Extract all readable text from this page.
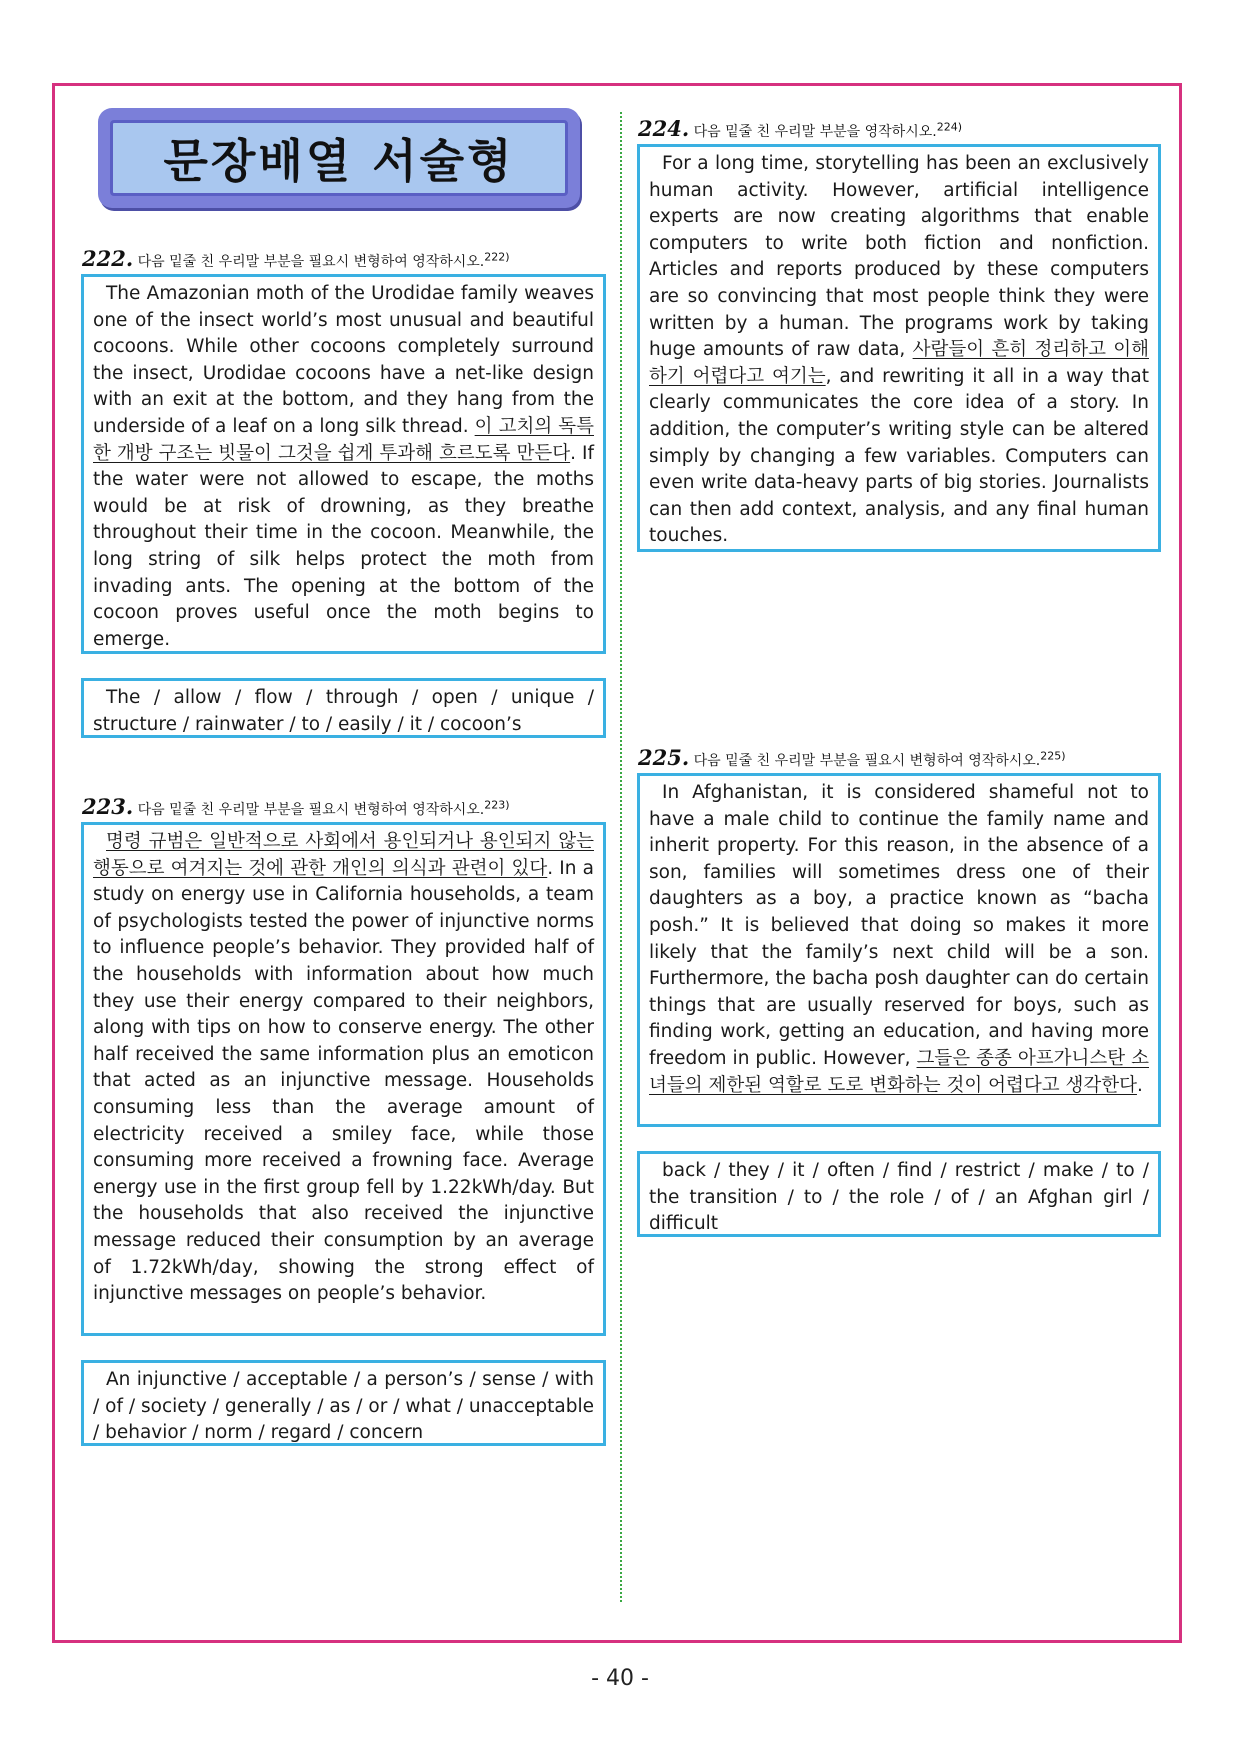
문장배열 서술형
222. 다음 밑줄 친 우리말 부분을 필요시 변형하여 영작하시오.$^{222)}$
The Amazonian moth of the Urodidae family weaves one of the insect world’s most unusual and beautiful cocoons. While other cocoons completely surround the insect, Urodidae cocoons have a net-like design with an exit at the bottom, and they hang from the underside of a leaf on a long silk thread. 이 고치의 독특한 개방 구조는 빗물이 그것을 쉽게 투과해 흐르도록 만든다. If the water were not allowed to escape, the moths would be at risk of drowning, as they breathe throughout their time in the cocoon. Meanwhile, the long string of silk helps protect the moth from invading ants. The opening at the bottom of the cocoon proves useful once the moth begins to emerge.
The / allow / flow / through / open / unique / structure / rainwater / to / easily / it / cocoon’s
223. 다음 밑줄 친 우리말 부분을 필요시 변형하여 영작하시오.$^{223)}$
명령 규범은 일반적으로 사회에서 용인되거나 용인되지 않는 행동으로 여겨지는 것에 관한 개인의 의식과 관련이 있다. In a study on energy use in California households, a team of psychologists tested the power of injunctive norms to influence people’s behavior. They provided half of the households with information about how much they use their energy compared to their neighbors, along with tips on how to conserve energy. The other half received the same information plus an emoticon that acted as an injunctive message. Households consuming less than the average amount of electricity received a smiley face, while those consuming more received a frowning face. Average energy use in the first group fell by 1.22kWh/day. But the households that also received the injunctive message reduced their consumption by an average of 1.72kWh/day, showing the strong effect of injunctive messages on people’s behavior.
An injunctive / acceptable / a person’s / sense / with / of / society / generally / as / or / what / unacceptable / behavior / norm / regard / concern
224. 다음 밑줄 친 우리말 부분을 영작하시오.$^{224)}$
For a long time, storytelling has been an exclusively human activity. However, artificial intelligence experts are now creating algorithms that enable computers to write both fiction and nonfiction. Articles and reports produced by these computers are so convincing that most people think they were written by a human. The programs work by taking huge amounts of raw data, 사람들이 흔히 정리하고 이해하기 어렵다고 여기는, and rewriting it all in a way that clearly communicates the core idea of a story. In addition, the computer’s writing style can be altered simply by changing a few variables. Computers can even write data-heavy parts of big stories. Journalists can then add context, analysis, and any final human touches.
225. 다음 밑줄 친 우리말 부분을 필요시 변형하여 영작하시오.$^{225)}$
In Afghanistan, it is considered shameful not to have a male child to continue the family name and inherit property. For this reason, in the absence of a son, families will sometimes dress one of their daughters as a boy, a practice known as “bacha posh.” It is believed that doing so makes it more likely that the family’s next child will be a son. Furthermore, the bacha posh daughter can do certain things that are usually reserved for boys, such as finding work, getting an education, and having more freedom in public. However, 그들은 종종 아프가니스탄 소녀들의 제한된 역할로 도로 변화하는 것이 어렵다고 생각한다.
back / they / it / often / find / restrict / make / to / the transition / to / the role / of / an Afghan girl / difficult
- 40 -
